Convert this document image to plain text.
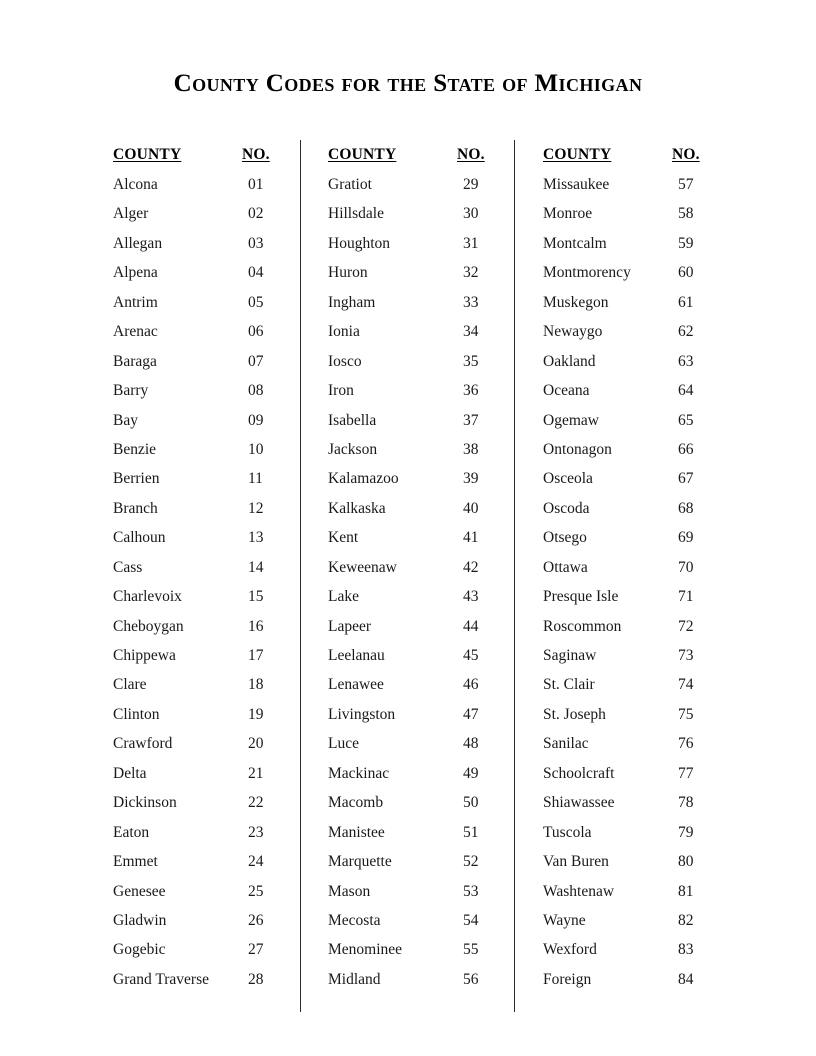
County Codes for the State of Michigan
COUNTY	NO.
Alcona	01
Alger	02
Allegan	03
Alpena	04
Antrim	05
Arenac	06
Baraga	07
Barry	08
Bay	09
Benzie	10
Berrien	11
Branch	12
Calhoun	13
Cass	14
Charlevoix	15
Cheboygan	16
Chippewa	17
Clare	18
Clinton	19
Crawford	20
Delta	21
Dickinson	22
Eaton	23
Emmet	24
Genesee	25
Gladwin	26
Gogebic	27
Grand Traverse	28
COUNTY	NO.
Gratiot	29
Hillsdale	30
Houghton	31
Huron	32
Ingham	33
Ionia	34
Iosco	35
Iron	36
Isabella	37
Jackson	38
Kalamazoo	39
Kalkaska	40
Kent	41
Keweenaw	42
Lake	43
Lapeer	44
Leelanau	45
Lenawee	46
Livingston	47
Luce	48
Mackinac	49
Macomb	50
Manistee	51
Marquette	52
Mason	53
Mecosta	54
Menominee	55
Midland	56
COUNTY	NO.
Missaukee	57
Monroe	58
Montcalm	59
Montmorency	60
Muskegon	61
Newaygo	62
Oakland	63
Oceana	64
Ogemaw	65
Ontonagon	66
Osceola	67
Oscoda	68
Otsego	69
Ottawa	70
Presque Isle	71
Roscommon	72
Saginaw	73
St. Clair	74
St. Joseph	75
Sanilac	76
Schoolcraft	77
Shiawassee	78
Tuscola	79
Van Buren	80
Washtenaw	81
Wayne	82
Wexford	83
Foreign	84
